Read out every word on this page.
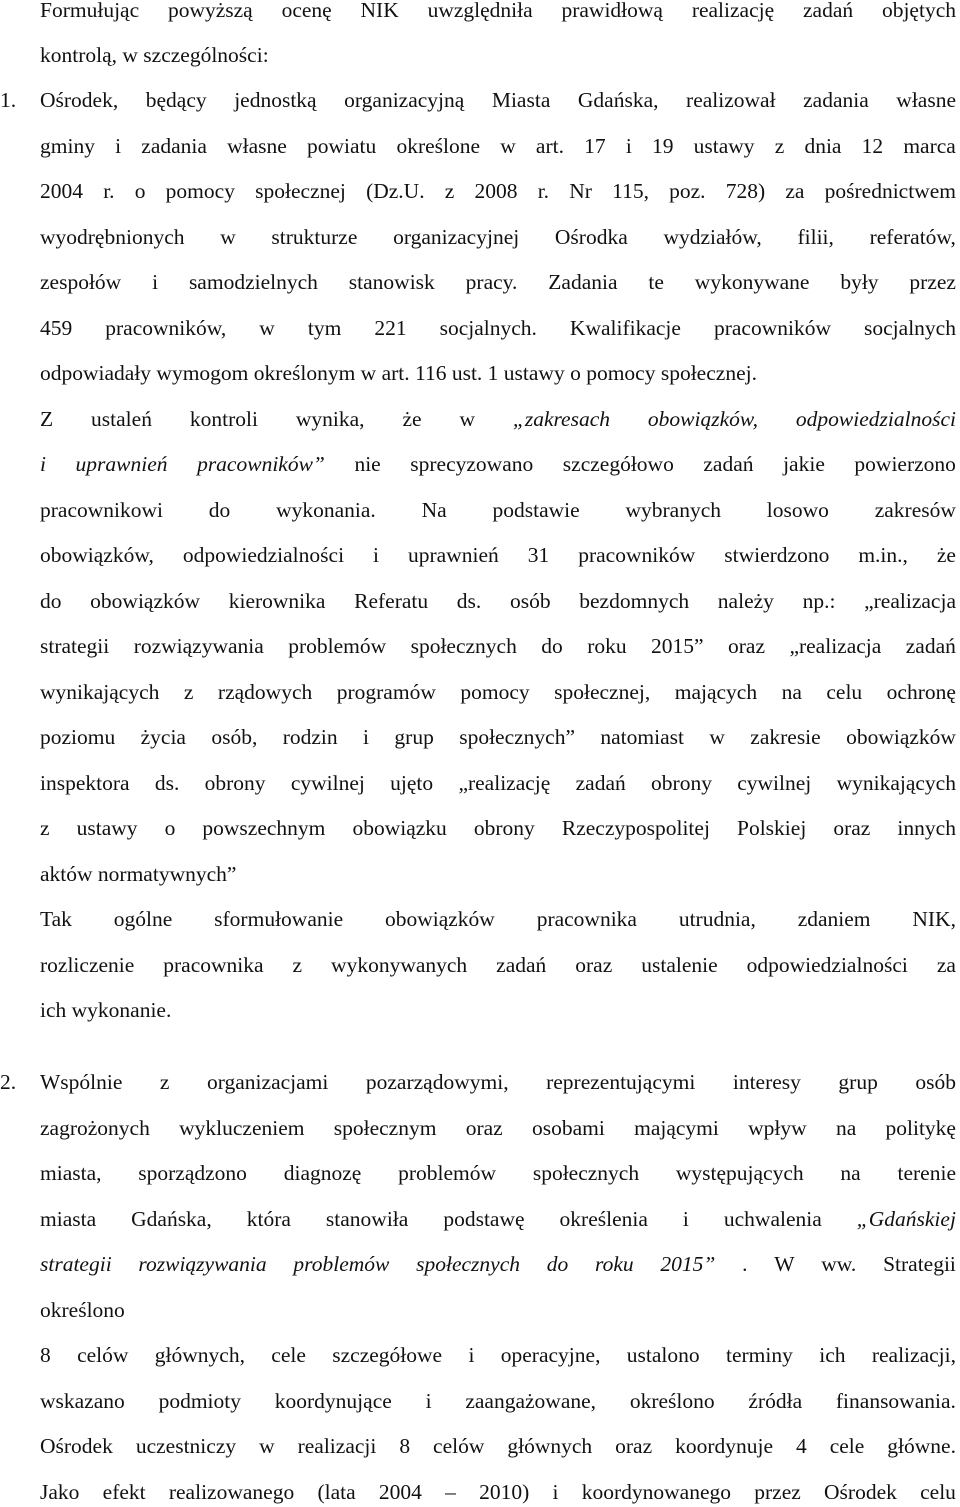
Formułując powyższą ocenę NIK uwzględniła prawidłową realizację zadań objętych
kontrolą, w szczególności:
1. Ośrodek, będący jednostką organizacyjną Miasta Gdańska, realizował zadania własne
gminy i zadania własne powiatu określone w art. 17 i 19 ustawy z dnia 12 marca
2004 r. o pomocy społecznej (Dz.U. z 2008 r. Nr 115, poz. 728) za pośrednictwem
wyodrębnionych w strukturze organizacyjnej Ośrodka wydziałów, filii, referatów,
zespołów i samodzielnych stanowisk pracy. Zadania te wykonywane były przez
459 pracowników, w tym 221 socjalnych. Kwalifikacje pracowników socjalnych
odpowiadały wymogom określonym w art. 116 ust. 1 ustawy o pomocy społecznej.
Z ustaleń kontroli wynika, że w „zakresach obowiązków, odpowiedzialności
i uprawnień pracowników” nie sprecyzowano szczegółowo zadań jakie powierzono
pracownikowi do wykonania. Na podstawie wybranych losowo zakresów
obowiązków, odpowiedzialności i uprawnień 31 pracowników stwierdzono m.in., że
do obowiązków kierownika Referatu ds. osób bezdomnych należy np.: „realizacja
strategii rozwiązywania problemów społecznych do roku 2015” oraz „realizacja zadań
wynikających z rządowych programów pomocy społecznej, mających na celu ochronę
poziomu życia osób, rodzin i grup społecznych” natomiast w zakresie obowiązków
inspektora ds. obrony cywilnej ujęto „realizację zadań obrony cywilnej wynikających
z ustawy o powszechnym obowiązku obrony Rzeczypospolitej Polskiej oraz innych
aktów normatywnych”
Tak ogólne sformułowanie obowiązków pracownika utrudnia, zdaniem NIK,
rozliczenie pracownika z wykonywanych zadań oraz ustalenie odpowiedzialności za
ich wykonanie.
2. Wspólnie z organizacjami pozarządowymi, reprezentującymi interesy grup osób
zagrożonych wykluczeniem społecznym oraz osobami mającymi wpływ na politykę
miasta, sporządzono diagnozę problemów społecznych występujących na terenie
miasta Gdańska, która stanowiła podstawę określenia i uchwalenia „Gdańskiej
strategii rozwiązywania problemów społecznych do roku 2015” . W ww. Strategii
określono
8 celów głównych, cele szczegółowe i operacyjne, ustalono terminy ich realizacji,
wskazano podmioty koordynujące i zaangażowane, określono źródła finansowania.
Ośrodek uczestniczy w realizacji 8 celów głównych oraz koordynuje 4 cele główne.
Jako efekt realizowanego (lata 2004 – 2010) i koordynowanego przez Ośrodek celu
